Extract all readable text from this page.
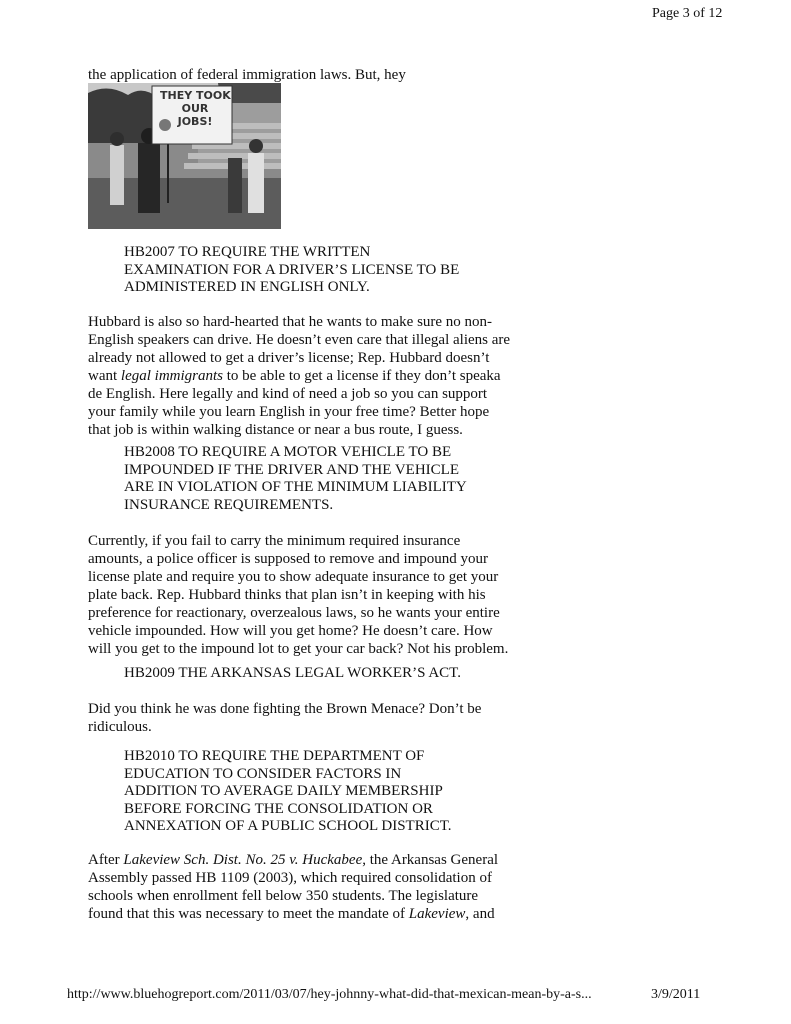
Page 3 of 12

the application of federal immigration laws. But, hey

THEY TOOK
OUR
JOBS!
HB2007 TO REQUIRE THE WRITTEN
EXAMINATION FOR A DRIVER’S LICENSE TO BE
ADMINISTERED IN ENGLISH ONLY.
Hubbard is also so hard-hearted that he wants to make sure no non-
English speakers can drive. He doesn’t even care that illegal aliens are
already not allowed to get a driver’s license; Rep. Hubbard doesn’t
want legal immigrants to be able to get a license if they don’t speaka
de English. Here legally and kind of need a job so you can support
your family while you learn English in your free time? Better hope
that job is within walking distance or near a bus route, I guess.
HB2008 TO REQUIRE A MOTOR VEHICLE TO BE
IMPOUNDED IF THE DRIVER AND THE VEHICLE
ARE IN VIOLATION OF THE MINIMUM LIABILITY
INSURANCE REQUIREMENTS.
Currently, if you fail to carry the minimum required insurance
amounts, a police officer is supposed to remove and impound your
license plate and require you to show adequate insurance to get your
plate back. Rep. Hubbard thinks that plan isn’t in keeping with his
preference for reactionary, overzealous laws, so he wants your entire
vehicle impounded. How will you get home? He doesn’t care. How
will you get to the impound lot to get your car back? Not his problem.
HB2009 THE ARKANSAS LEGAL WORKER’S ACT.
Did you think he was done fighting the Brown Menace? Don’t be
ridiculous.
HB2010 TO REQUIRE THE DEPARTMENT OF
EDUCATION TO CONSIDER FACTORS IN
ADDITION TO AVERAGE DAILY MEMBERSHIP
BEFORE FORCING THE CONSOLIDATION OR
ANNEXATION OF A PUBLIC SCHOOL DISTRICT.
After Lakeview Sch. Dist. No. 25 v. Huckabee, the Arkansas General
Assembly passed HB 1109 (2003), which required consolidation of
schools when enrollment fell below 350 students. The legislature
found that this was necessary to meet the mandate of Lakeview, and
http://www.bluehogreport.com/2011/03/07/hey-johnny-what-did-that-mexican-mean-by-a-s...	3/9/2011
